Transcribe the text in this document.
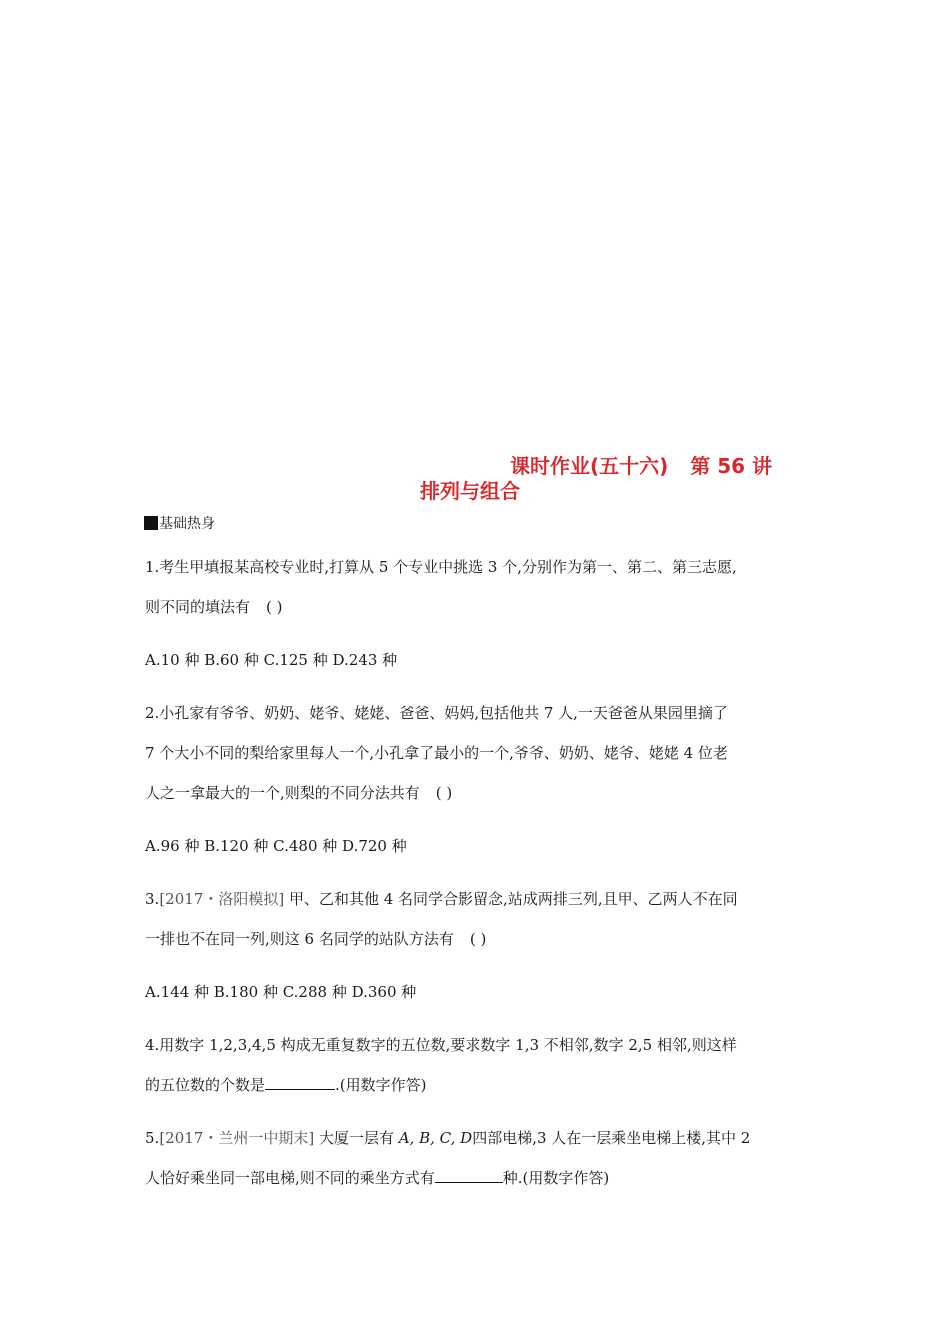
课时作业(五十六) 第 56 讲
排列与组合
基础热身
1.考生甲填报某高校专业时,打算从 5 个专业中挑选 3 个,分别作为第一、第二、第三志愿,
则不同的填法有 ( )
A.10 种 B.60 种 C.125 种 D.243 种
2.小孔家有爷爷、奶奶、姥爷、姥姥、爸爸、妈妈,包括他共 7 人,一天爸爸从果园里摘了
7 个大小不同的梨给家里每人一个,小孔拿了最小的一个,爷爷、奶奶、姥爷、姥姥 4 位老
人之一拿最大的一个,则梨的不同分法共有 ( )
A.96 种 B.120 种 C.480 种 D.720 种
3.[2017・洛阳模拟] 甲、乙和其他 4 名同学合影留念,站成两排三列,且甲、乙两人不在同
一排也不在同一列,则这 6 名同学的站队方法有 ( )
A.144 种 B.180 种 C.288 种 D.360 种
4.用数字 1,2,3,4,5 构成无重复数字的五位数,要求数字 1,3 不相邻,数字 2,5 相邻,则这样
的五位数的个数是	.(用数字作答)
5.[2017・兰州一中期末] 大厦一层有 A, B, C, D四部电梯,3 人在一层乘坐电梯上楼,其中 2
人恰好乘坐同一部电梯,则不同的乘坐方式有	种.(用数字作答)
